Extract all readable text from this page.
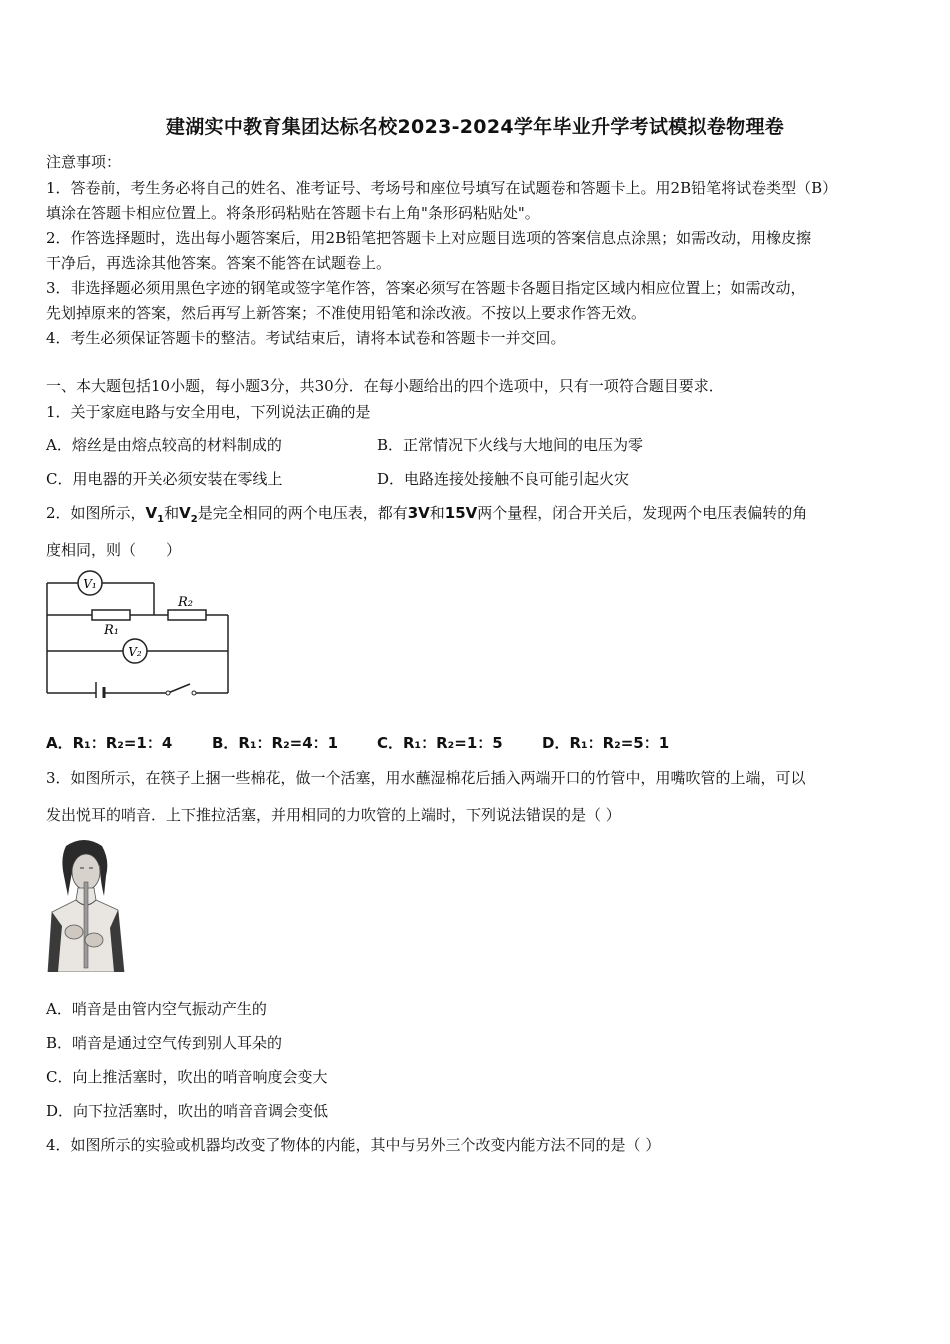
建湖实中教育集团达标名校2023-2024学年毕业升学考试模拟卷物理卷
注意事项：
1．答卷前，考生务必将自己的姓名、准考证号、考场号和座位号填写在试题卷和答题卡上。用2B铅笔将试卷类型（B）
填涂在答题卡相应位置上。将条形码粘贴在答题卡右上角"条形码粘贴处"。
2．作答选择题时，选出每小题答案后，用2B铅笔把答题卡上对应题目选项的答案信息点涂黑；如需改动，用橡皮擦
干净后，再选涂其他答案。答案不能答在试题卷上。
3．非选择题必须用黑色字迹的钢笔或签字笔作答，答案必须写在答题卡各题目指定区域内相应位置上；如需改动，
先划掉原来的答案，然后再写上新答案；不准使用铅笔和涂改液。不按以上要求作答无效。
4．考生必须保证答题卡的整洁。考试结束后，请将本试卷和答题卡一并交回。
一、本大题包括10小题，每小题3分，共30分．在每小题给出的四个选项中，只有一项符合题目要求．
1．关于家庭电路与安全用电，下列说法正确的是
A．熔丝是由熔点较高的材料制成的	B．正常情况下火线与大地间的电压为零
C．用电器的开关必须安装在零线上	D．电路连接处接触不良可能引起火灾
2．如图所示，$V_1$和$V_2$是完全相同的两个电压表，都有3V和15V两个量程，闭合开关后，发现两个电压表偏转的角
度相同，则（　　）
V₁
V₂
R₁
R₂
A．R₁：R₂=1：4	B．R₁：R₂=4：1	C．R₁：R₂=1：5	D．R₁：R₂=5：1
3．如图所示，在筷子上捆一些棉花，做一个活塞，用水蘸湿棉花后插入两端开口的竹管中，用嘴吹管的上端，可以
发出悦耳的哨音．上下推拉活塞，并用相同的力吹管的上端时，下列说法错误的是（ ）
A．哨音是由管内空气振动产生的
B．哨音是通过空气传到别人耳朵的
C．向上推活塞时，吹出的哨音响度会变大
D．向下拉活塞时，吹出的哨音音调会变低
4．如图所示的实验或机器均改变了物体的内能，其中与另外三个改变内能方法不同的是（ ）
